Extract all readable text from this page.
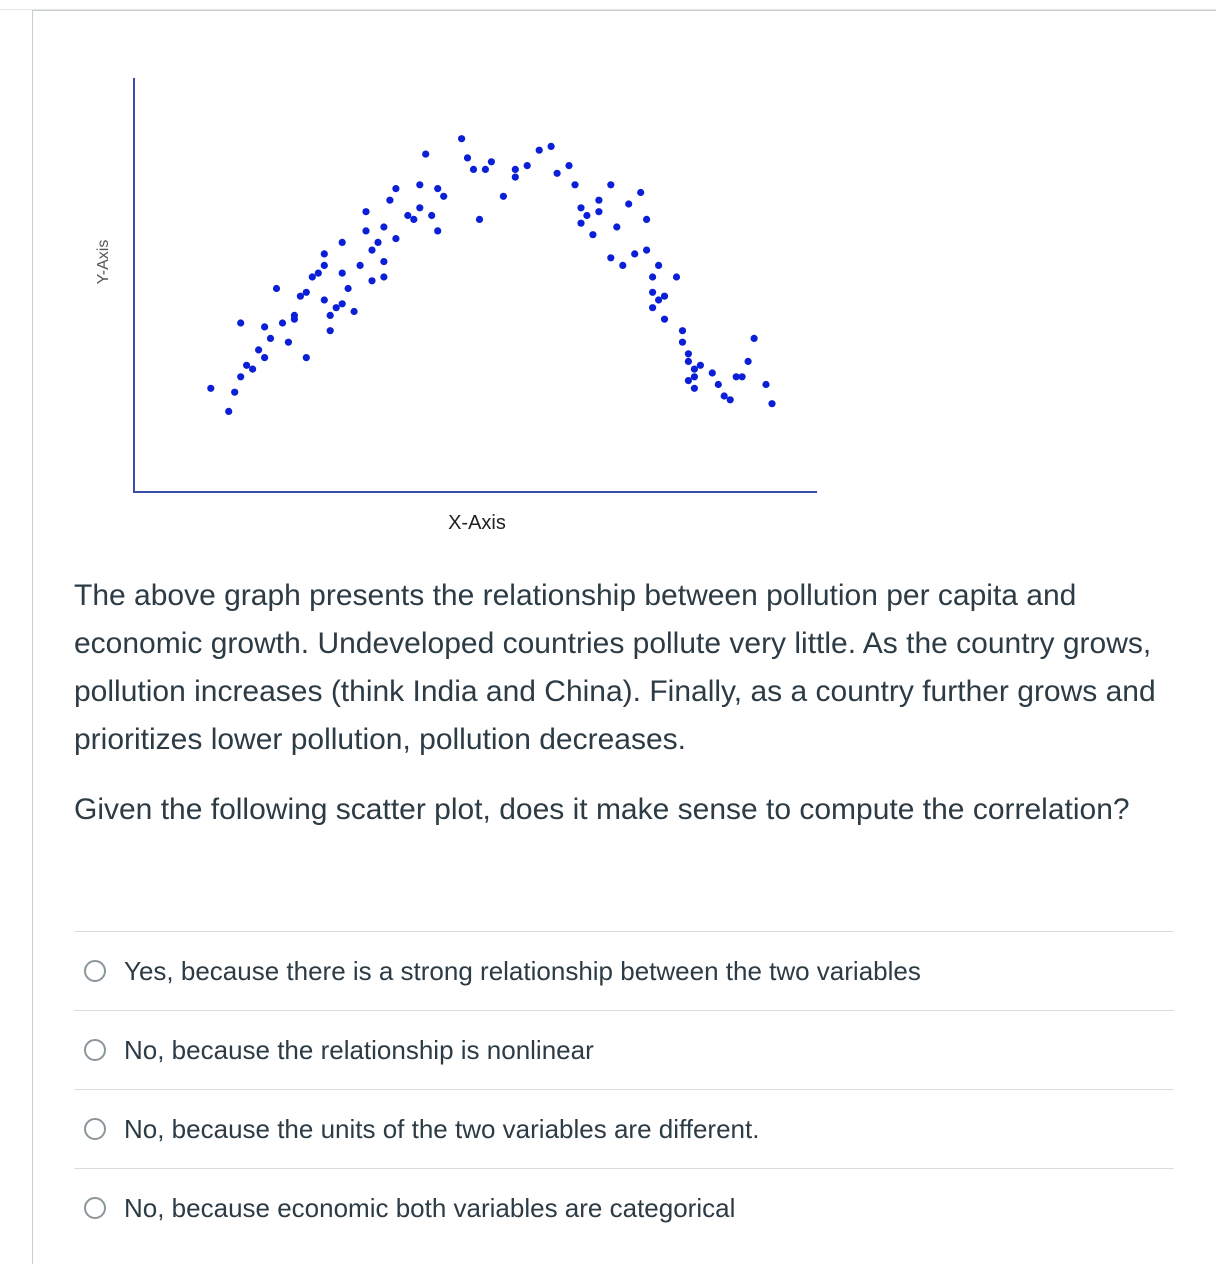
X-Axis
Y-Axis

The above graph presents the relationship between pollution per capita and economic growth. Undeveloped countries pollute very little. As the country grows, pollution increases (think India and China). Finally, as a country further grows and prioritizes lower pollution, pollution decreases.

Given the following scatter plot, does it make sense to compute the correlation?

Yes, because there is a strong relationship between the two variables
No, because the relationship is nonlinear
No, because the units of the two variables are different.
No, because economic both variables are categorical
